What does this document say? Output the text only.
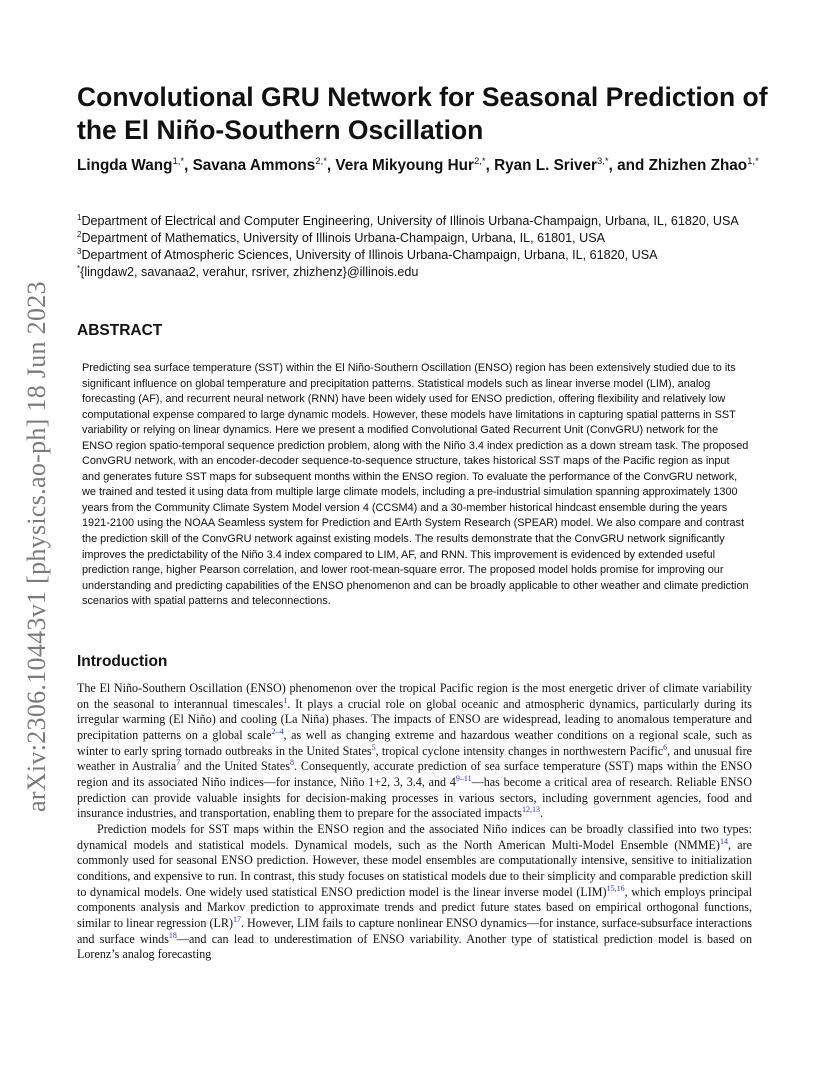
arXiv:2306.10443v1 [physics.ao-ph] 18 Jun 2023
Convolutional GRU Network for Seasonal Prediction of the El Niño-Southern Oscillation
Lingda Wang$^{1,*}$, Savana Ammons$^{2,*}$, Vera Mikyoung Hur$^{2,*}$, Ryan L. Sriver$^{3,*}$, and Zhizhen Zhao$^{1,*}$

$^1$Department of Electrical and Computer Engineering, University of Illinois Urbana-Champaign, Urbana, IL, 61820, USA

$^2$Department of Mathematics, University of Illinois Urbana-Champaign, Urbana, IL, 61801, USA

$^3$Department of Atmospheric Sciences, University of Illinois Urbana-Champaign, Urbana, IL, 61820, USA

*{lingdaw2, savanaa2, verahur, rsriver, zhizhenz}@illinois.edu

ABSTRACT

Predicting sea surface temperature (SST) within the El Niño-Southern Oscillation (ENSO) region has been extensively studied due to its significant influence on global temperature and precipitation patterns. Statistical models such as linear inverse model (LIM), analog forecasting (AF), and recurrent neural network (RNN) have been widely used for ENSO prediction, offering flexibility and relatively low computational expense compared to large dynamic models. However, these models have limitations in capturing spatial patterns in SST variability or relying on linear dynamics. Here we present a modified Convolutional Gated Recurrent Unit (ConvGRU) network for the ENSO region spatio-temporal sequence prediction problem, along with the Niño 3.4 index prediction as a down stream task. The proposed ConvGRU network, with an encoder-decoder sequence-to-sequence structure, takes historical SST maps of the Pacific region as input and generates future SST maps for subsequent months within the ENSO region. To evaluate the performance of the ConvGRU network, we trained and tested it using data from multiple large climate models, including a pre-industrial simulation spanning approximately 1300 years from the Community Climate System Model version 4 (CCSM4) and a 30-member historical hindcast ensemble during the years 1921-2100 using the NOAA Seamless system for Prediction and EArth System Research (SPEAR) model. We also compare and contrast the prediction skill of the ConvGRU network against existing models. The results demonstrate that the ConvGRU network significantly improves the predictability of the Niño 3.4 index compared to LIM, AF, and RNN. This improvement is evidenced by extended useful prediction range, higher Pearson correlation, and lower root-mean-square error. The proposed model holds promise for improving our understanding and predicting capabilities of the ENSO phenomenon and can be broadly applicable to other weather and climate prediction scenarios with spatial patterns and teleconnections.

Introduction

The El Niño-Southern Oscillation (ENSO) phenomenon over the tropical Pacific region is the most energetic driver of climate variability on the seasonal to interannual timescales$^1$. It plays a crucial role on global oceanic and atmospheric dynamics, particularly during its irregular warming (El Niño) and cooling (La Niña) phases. The impacts of ENSO are widespread, leading to anomalous temperature and precipitation patterns on a global scale$^{2-4}$, as well as changing extreme and hazardous weather conditions on a regional scale, such as winter to early spring tornado outbreaks in the United States$^5$, tropical cyclone intensity changes in northwestern Pacific$^6$, and unusual fire weather in Australia$^7$ and the United States$^8$. Consequently, accurate prediction of sea surface temperature (SST) maps within the ENSO region and its associated Niño indices—for instance, Niño 1+2, 3, 3.4, and 4$^{9-11}$—has become a critical area of research. Reliable ENSO prediction can provide valuable insights for decision-making processes in various sectors, including government agencies, food and insurance industries, and transportation, enabling them to prepare for the associated impacts$^{12,13}$.

Prediction models for SST maps within the ENSO region and the associated Niño indices can be broadly classified into two types: dynamical models and statistical models. Dynamical models, such as the North American Multi-Model Ensemble (NMME)$^{14}$, are commonly used for seasonal ENSO prediction. However, these model ensembles are computationally intensive, sensitive to initialization conditions, and expensive to run. In contrast, this study focuses on statistical models due to their simplicity and comparable prediction skill to dynamical models. One widely used statistical ENSO prediction model is the linear inverse model (LIM)$^{15,16}$, which employs principal components analysis and Markov prediction to approximate trends and predict future states based on empirical orthogonal functions, similar to linear regression (LR)$^{17}$. However, LIM fails to capture nonlinear ENSO dynamics—for instance, surface-subsurface interactions and surface winds$^{18}$—and can lead to underestimation of ENSO variability. Another type of statistical prediction model is based on Lorenz’s analog forecasting
